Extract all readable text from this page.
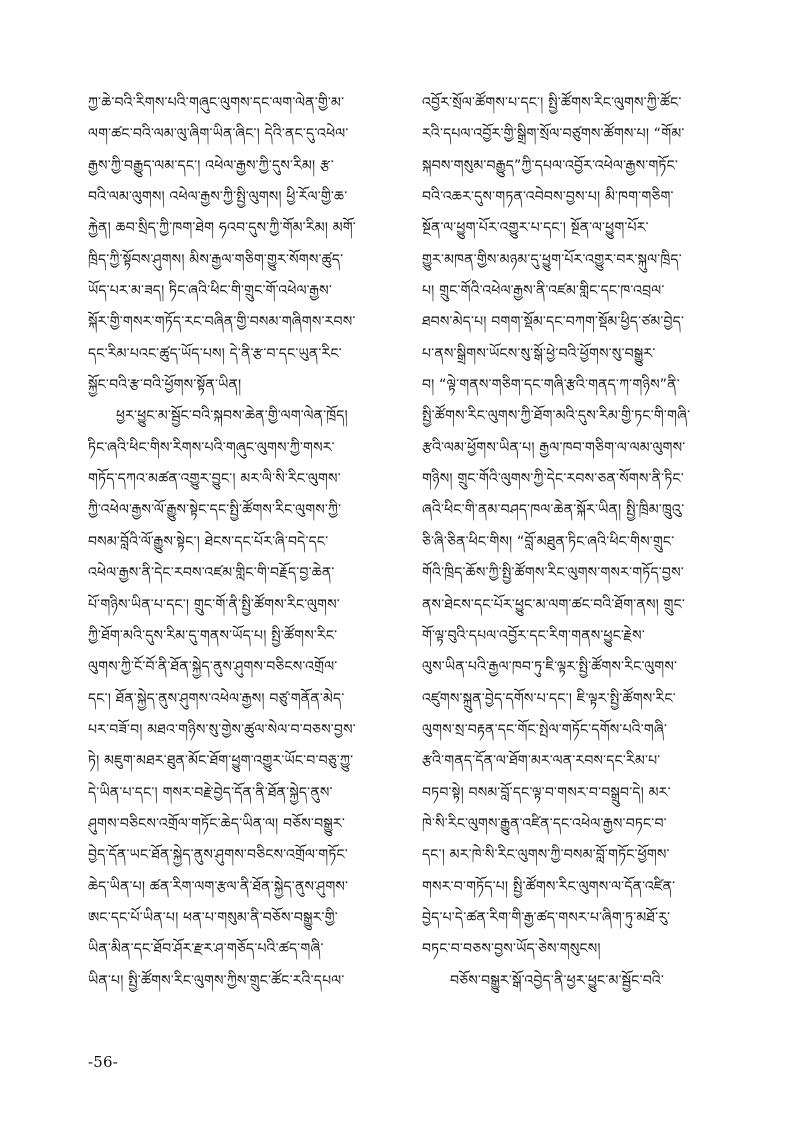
ཀྱ་ཆེ་བའི་རིགས་པའི་གཞུང་ལུགས་དང་ལག་ལེན་གྱི་མ་
ལག་ཚང་བའི་ལམ་ལུ་ཞིག་ཡིན་ཞིང་། དེའི་ནང་དུ་འཕེལ་
རྒྱས་ཀྱི་བརྒྱུད་ལམ་དང་། འཕེལ་རྒྱས་ཀྱི་དུས་རིམ། རྩ་
བའི་ལམ་ལུགས། འཕེལ་རྒྱས་ཀྱི་སྤྱི་ལུགས། ཕྱི་རོལ་གྱི་ཆ་
རྐྱེན། ཆབ་སྲིད་ཀྱི་ཁག་ཐེག ཧའབ་དུས་ཀྱི་གོམ་རིམ། མགོ་
ཁྲིད་ཀྱི་སྟོབས་ཤུགས། མིས་རྒྱལ་གཅིག་གྱུར་སོགས་ཚུད་
ཡོད་པར་མ་ཟད། ཏིང་ཞའི་ཕིང་གི་གྲུང་གོ་འཕེལ་རྒྱས་
སྐོར་གྱི་གསར་གཏོད་རང་བཞིན་གྱི་བསམ་གཞིགས་རབས་
དང་རིམ་པའང་ཚུད་ཡོད་པས། དེ་ནི་རྩ་བ་དང་ཡུན་རིང་
སྐྱོང་བའི་རྩ་བའི་ཕྱོགས་སྟོན་ཡིན།
ཕྱར་ཕྱུང་མ་སྦྱོང་བའི་སྐབས་ཆེན་གྱི་ལག་ལེན་ཁྲོད།
ཏིང་ཞའི་ཕིང་གིས་རིགས་པའི་གཞུང་ལུགས་ཀྱི་གསར་
གཏོད་དཀའ་མཚན་འགྱུར་བྱུང་། མར་ལི་སི་རིང་ལུགས་
ཀྱི་འཕེལ་རྒྱས་ལོ་རྒྱུས་སྟེང་དང་སྤྱི་ཚོགས་རིང་ལུགས་ཀྱི་
བསམ་བློའི་ལོ་རྒྱུས་སྟེང་། ཐེངས་དང་པོར་ཞི་བདེ་དང་
འཕེལ་རྒྱས་ནི་དེང་རབས་འཛམ་གླིང་གི་བརྗོད་བྱ་ཆེན་
པོ་གཉིས་ཡིན་པ་དང་། གྲུང་གོ་ནི་སྤྱི་ཚོགས་རིང་ལུགས་
ཀྱི་ཐོག་མའི་དུས་རིམ་དུ་གནས་ཡོད་པ། སྤྱི་ཚོགས་རིང་
ལུགས་ཀྱི་ངོ་བོ་ནི་ཐོན་སྐྱེད་ནུས་ཤུགས་བཅིངས་འགྲོལ་
དང་། ཐོན་སྐྱེད་ནུས་ཤུགས་འཕེལ་རྒྱས། བཙུ་གནོན་མེད་
པར་བཟོ་བ། མཐའ་གཉིས་སུ་གྱེས་ཚུལ་སེལ་བ་བཅས་བྱས་
ཏེ། མཇུག་མཐར་ཐུན་མོང་ཐོག་ཕྱུག་འགྱུར་ཡོང་བ་བཅུ་ཀྱུ་
དེ་ཡིན་པ་དང་། གསར་བརྗེ་བྱེད་དོན་ནི་ཐོན་སྐྱེད་ནུས་
ཤུགས་བཅིངས་འགྲོལ་གཏོང་ཆེད་ཡིན་ལ། བཅོས་བསྒྱུར་
བྱེད་དོན་ཡང་ཐོན་སྐྱེད་ནུས་ཤུགས་བཅིངས་འགྲོལ་གཏོང་
ཆེད་ཡིན་པ། ཚན་རིག་ལག་རྩལ་ནི་ཐོན་སྐྱེད་ནུས་ཤུགས་
ཨང་དང་པོ་ཡིན་པ། ཕན་པ་གསུམ་ནི་བཅོས་བསྒྱུར་གྱི་
ཡིན་མིན་དང་ཐོབ་ཤོར་རྫར་ཤ་གཅོད་པའི་ཚད་གཞི་
ཡིན་པ། སྤྱི་ཚོགས་རིང་ལུགས་ཀྱིས་གྲུང་ཚོང་རའི་དཔལ་
འབྱོར་སྲོལ་ཚོགས་པ་དང་། སྤྱི་ཚོགས་རིང་ལུགས་ཀྱི་ཚོང་
རའི་དཔལ་འབྱོར་གྱི་སྒྲིག་སྲོལ་བཙུགས་ཚོགས་པ། “གོམ་
སྐབས་གསུམ་བརྒྱུད”ཀྱི་དཔལ་འབྱོར་འཕེལ་རྒྱས་གཏོང་
བའི་འཆར་དུས་གཏན་འབེབས་བྱས་པ། མི་ཁག་གཅིག་
སྔོན་ལ་ཕྱུག་པོར་འགྱུར་པ་དང་། སྔོན་ལ་ཕྱུག་པོར་
གྱུར་མཁན་གྱིས་མཉམ་དུ་ཕྱུག་པོར་འགྱུར་བར་སྐུལ་ཁྲིད་
པ། གྲུང་གོའི་འཕེལ་རྒྱས་ནི་འཛམ་གླིང་དང་ཁ་འབྲལ་
ཐབས་མེད་པ། བགག་སྡོམ་དང་བཀག་སྡོམ་ཕྱིད་ཙམ་བྱེད་
པ་ནས་སྒྲིགས་ཡོངས་སུ་སྒོ་ཕྱེ་བའི་ཕྱོགས་སུ་བསྒྱུར་
བ། “ལྟེ་གནས་གཅིག་དང་གཞི་རྩའི་གནད་ཀ་གཉིས”ནི་
སྤྱི་ཚོགས་རིང་ལུགས་ཀྱི་ཐོག་མའི་དུས་རིམ་གྱི་ཏང་གི་གཞི་
རྩའི་ལམ་ཕྱོགས་ཡིན་པ། རྒྱལ་ཁབ་གཅིག་ལ་ལམ་ལུགས་
གཉིས། གྲུང་གོའི་ལུགས་ཀྱི་དེང་རབས་ཅན་སོགས་ནི་ཏིང་
ཞའི་ཕིང་གི་ནམ་བཤད་ཁལ་ཆེན་སྐོར་ཡིན། སྤྱི་ཁྲིམ་ཁྲུའུ་
ཅི་ཞི་ཅིན་ཕིང་གིས། “བློ་མཐུན་ཏིང་ཞའི་ཕིང་གིས་གྲུང་
གོའི་ཁྲིད་ཆོས་ཀྱི་སྤྱི་ཚོགས་རིང་ལུགས་གསར་གཏོད་བྱས་
ནས་ཐེངས་དང་པོར་ཕྱུང་མ་ལག་ཚང་བའི་ཐོག་ནས། གྲུང་
གོ་ལྟ་བུའི་དཔལ་འབྱོར་དང་རིག་གནས་ཕྱུང་རྗེས་
ལུས་ཡིན་པའི་རྒྱལ་ཁབ་ཏུ་ཇི་ལྟར་སྤྱི་ཚོགས་རིང་ལུགས་
འཛུགས་སྐྲུན་བྱེད་དགོས་པ་དང་། ཇི་ལྟར་སྤྱི་ཚོགས་རིང་
ལུགས་སྲ་བརྟན་དང་གོང་སྤེལ་གཏོང་དགོས་པའི་གཞི་
རྩའི་གནད་དོན་ལ་ཐོག་མར་ལན་རབས་དང་རིམ་པ་
བཏབ་སྟེ། བསམ་བློ་དང་ལྟ་བ་གསར་བ་བསྒྲུབ་དེ། མར་
ཁེ་སི་རིང་ལུགས་རྒྱུན་འཛིན་དང་འཕེལ་རྒྱས་བཏང་བ་
དང་། མར་ཁེ་སི་རིང་ལུགས་ཀྱི་བསམ་བློ་གཏོང་ཕྱོགས་
གསར་བ་གཏོད་པ། སྤྱི་ཚོགས་རིང་ལུགས་ལ་དོན་འཛིན་
བྱེད་པ་དེ་ཚན་རིག་གི་རྒྱ་ཚད་གསར་པ་ཞིག་ཏུ་མཐོ་རུ་
བཏང་བ་བཅས་བྱས་ཡོད་ཅེས་གསུངས།
བཅོས་བསྒྱུར་སྒོ་འབྱེད་ནི་ཕྱར་ཕྱུང་མ་སྦྱོང་བའི་
-56-
